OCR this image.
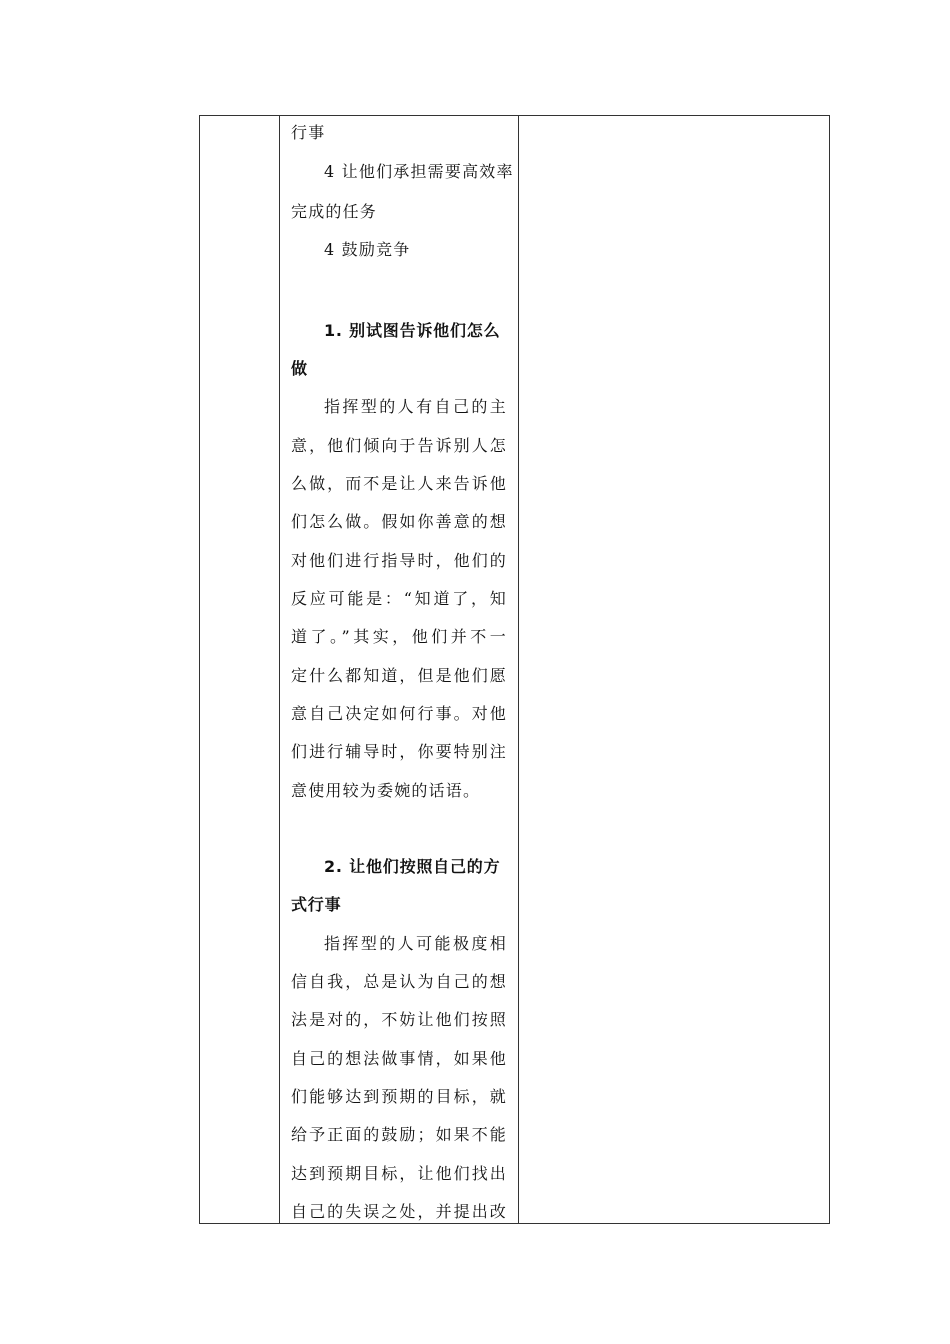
行事
4 让他们承担需要高效率
完成的任务
4 鼓励竞争
1. 别试图告诉他们怎么
做
指挥型的人有自己的主
意，他们倾向于告诉别人怎
么做，而不是让人来告诉他
们怎么做。假如你善意的想
对他们进行指导时，他们的
反应可能是：“知道了，知
道了。”其实，他们并不一
定什么都知道，但是他们愿
意自己决定如何行事。对他
们进行辅导时，你要特别注
意使用较为委婉的话语。
2. 让他们按照自己的方
式行事
指挥型的人可能极度相
信自我，总是认为自己的想
法是对的，不妨让他们按照
自己的想法做事情，如果他
们能够达到预期的目标，就
给予正面的鼓励；如果不能
达到预期目标，让他们找出
自己的失误之处，并提出改
